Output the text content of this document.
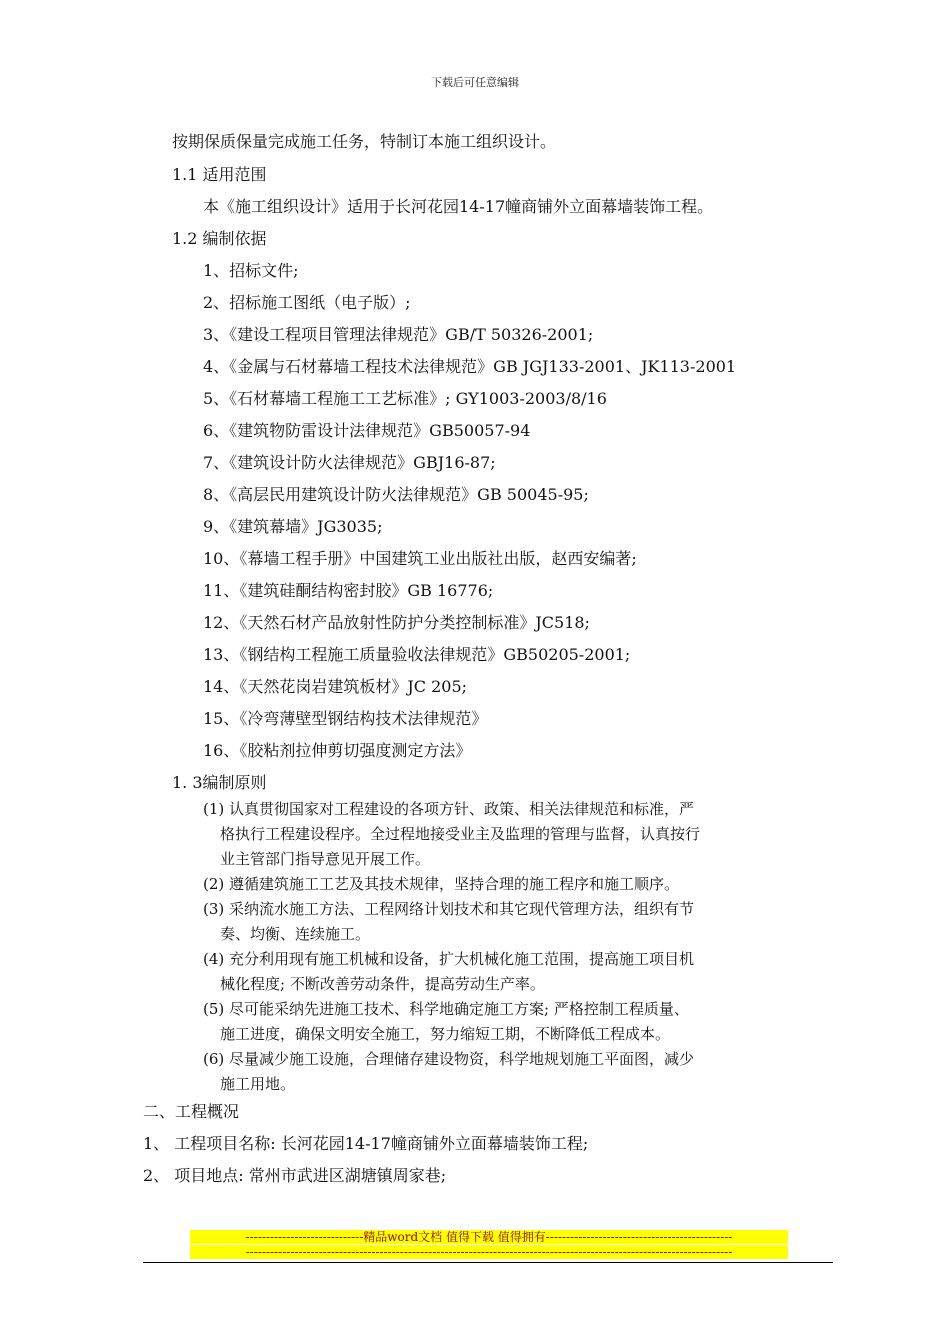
下载后可任意编辑
按期保质保量完成施工任务，特制订本施工组织设计。
1.1 适用范围
本《施工组织设计》适用于长河花园14-17幢商铺外立面幕墙装饰工程。
1.2 编制依据
1、招标文件;
2、招标施工图纸（电子版）;
3、《建设工程项目管理法律规范》GB/T 50326-2001;
4、《金属与石材幕墙工程技术法律规范》GB JGJ133-2001、JK113-2001
5、《石材幕墙工程施工工艺标准》; GY1003-2003/8/16
6、《建筑物防雷设计法律规范》GB50057-94
7、《建筑设计防火法律规范》GBJ16-87;
8、《高层民用建筑设计防火法律规范》GB 50045-95;
9、《建筑幕墙》JG3035;
10、《幕墙工程手册》中国建筑工业出版社出版，赵西安编著;
11、《建筑硅酮结构密封胶》GB 16776;
12、《天然石材产品放射性防护分类控制标准》JC518;
13、《钢结构工程施工质量验收法律规范》GB50205-2001;
14、《天然花岗岩建筑板材》JC 205;
15、《冷弯薄壁型钢结构技术法律规范》
16、《胶粘剂拉伸剪切强度测定方法》
1. 3编制原则
(1) 认真贯彻国家对工程建设的各项方针、政策、相关法律规范和标准，严
格执行工程建设程序。全过程地接受业主及监理的管理与监督，认真按行
业主管部门指导意见开展工作。
(2) 遵循建筑施工工艺及其技术规律，坚持合理的施工程序和施工顺序。
(3) 采纳流水施工方法、工程网络计划技术和其它现代管理方法，组织有节
奏、均衡、连续施工。
(4) 充分利用现有施工机械和设备，扩大机械化施工范围，提高施工项目机
械化程度; 不断改善劳动条件，提高劳动生产率。
(5) 尽可能采纳先进施工技术、科学地确定施工方案; 严格控制工程质量、
施工进度，确保文明安全施工，努力缩短工期，不断降低工程成本。
(6) 尽量减少施工设施，合理储存建设物资，科学地规划施工平面图，减少
施工用地。
二、工程概况
1、 工程项目名称: 长河花园14-17幢商铺外立面幕墙装饰工程;
2、 项目地点: 常州市武进区湖塘镇周家巷;
-----------------------------精品word文档 值得下载 值得拥有----------------------------------------------
------------------------------------------------------------------------------------------------------------------------
